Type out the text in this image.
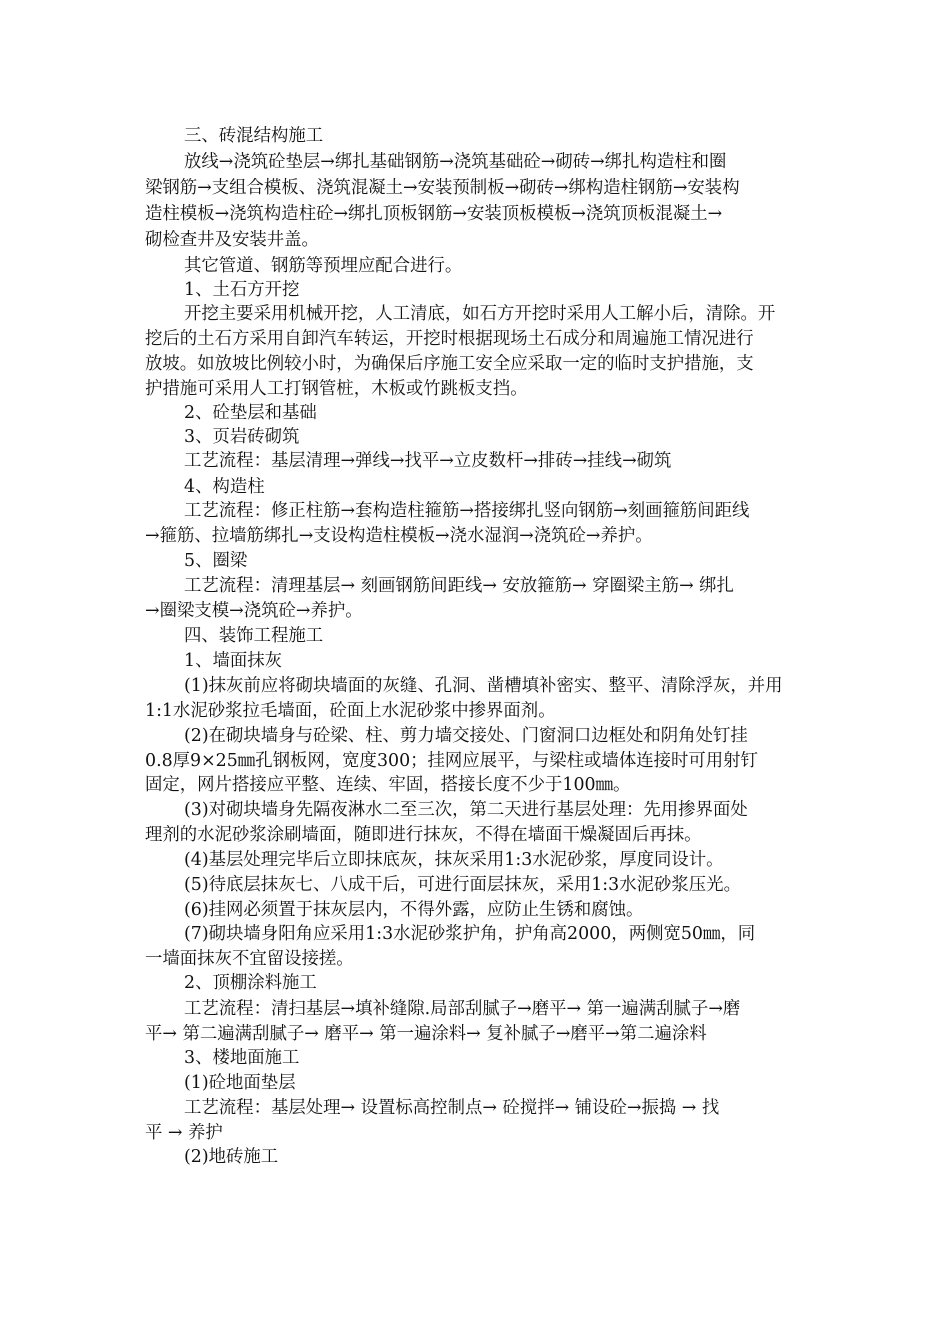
三、砖混结构施工
放线→浇筑砼垫层→绑扎基础钢筋→浇筑基础砼→砌砖→绑扎构造柱和圈
梁钢筋→支组合模板、浇筑混凝土→安装预制板→砌砖→绑构造柱钢筋→安装构
造柱模板→浇筑构造柱砼→绑扎顶板钢筋→安装顶板模板→浇筑顶板混凝土→
砌检查井及安装井盖。
其它管道、钢筋等预埋应配合进行。
1、土石方开挖
开挖主要采用机械开挖，人工清底，如石方开挖时采用人工解小后，清除。开
挖后的土石方采用自卸汽车转运，开挖时根据现场土石成分和周遍施工情况进行
放坡。如放坡比例较小时，为确保后序施工安全应采取一定的临时支护措施，支
护措施可采用人工打钢管桩，木板或竹跳板支挡。
2、砼垫层和基础
3、页岩砖砌筑
工艺流程：基层清理→弹线→找平→立皮数杆→排砖→挂线→砌筑
4、构造柱
工艺流程：修正柱筋→套构造柱箍筋→搭接绑扎竖向钢筋→刻画箍筋间距线
→箍筋、拉墙筋绑扎→支设构造柱模板→浇水湿润→浇筑砼→养护。
5、圈梁
工艺流程：清理基层→ 刻画钢筋间距线→ 安放箍筋→ 穿圈梁主筋→ 绑扎
→圈梁支模→浇筑砼→养护。
四、装饰工程施工
1、墙面抹灰
(1)抹灰前应将砌块墙面的灰缝、孔洞、凿槽填补密实、整平、清除浮灰，并用
1:1水泥砂浆拉毛墙面，砼面上水泥砂浆中掺界面剂。
(2)在砌块墙身与砼梁、柱、剪力墙交接处、门窗洞口边框处和阴角处钉挂
0.8厚9×25㎜孔钢板网，宽度300；挂网应展平，与梁柱或墙体连接时可用射钉
固定，网片搭接应平整、连续、牢固，搭接长度不少于100㎜。
(3)对砌块墙身先隔夜淋水二至三次，第二天进行基层处理：先用掺界面处
理剂的水泥砂浆涂刷墙面，随即进行抹灰，不得在墙面干燥凝固后再抹。
(4)基层处理完毕后立即抹底灰，抹灰采用1:3水泥砂浆，厚度同设计。
(5)待底层抹灰七、八成干后，可进行面层抹灰，采用1:3水泥砂浆压光。
(6)挂网必须置于抹灰层内，不得外露，应防止生锈和腐蚀。
(7)砌块墙身阳角应采用1:3水泥砂浆护角，护角高2000，两侧宽50㎜，同
一墙面抹灰不宜留设接搓。
2、顶棚涂料施工
工艺流程：清扫基层→填补缝隙.局部刮腻子→磨平→ 第一遍满刮腻子→磨
平→ 第二遍满刮腻子→ 磨平→ 第一遍涂料→ 复补腻子→磨平→第二遍涂料
3、楼地面施工
(1)砼地面垫层
工艺流程：基层处理→ 设置标高控制点→ 砼搅拌→ 铺设砼→振捣 → 找
平 → 养护
(2)地砖施工
